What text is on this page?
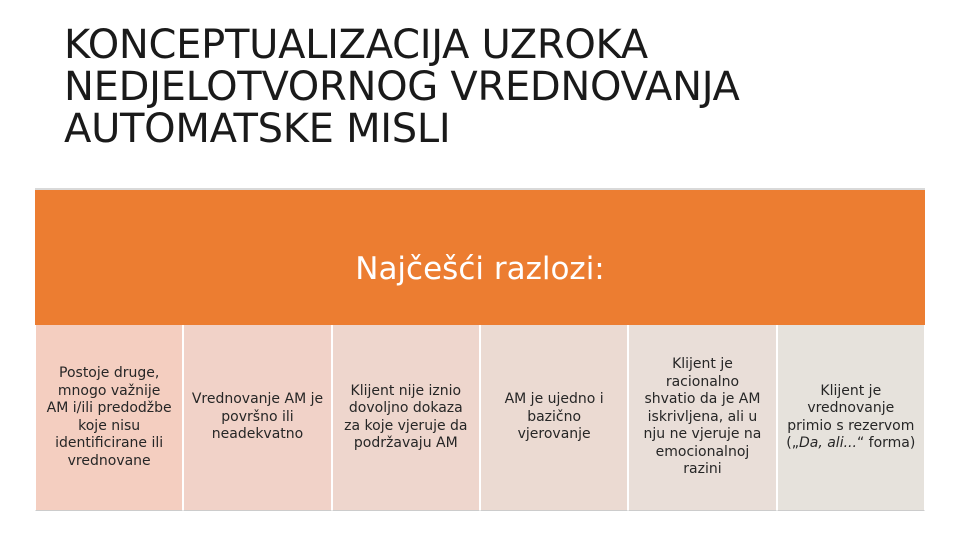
KONCEPTUALIZACIJA UZROKA
NEDJELOTVORNOG VREDNOVANJA
AUTOMATSKE MISLI
Najčešći razlozi:
Postoje druge, mnogo važnije AM i/ili predodžbe koje nisu identificirane ili vrednovane
Vrednovanje AM je površno ili neadekvatno
Klijent nije iznio dovoljno dokaza za koje vjeruje da podržavaju AM
AM je ujedno i bazično vjerovanje
Klijent je racionalno shvatio da je AM iskrivljena, ali u nju ne vjeruje na emocionalnoj razini
Klijent je vrednovanje primio s rezervom („Da, ali...“ forma)
